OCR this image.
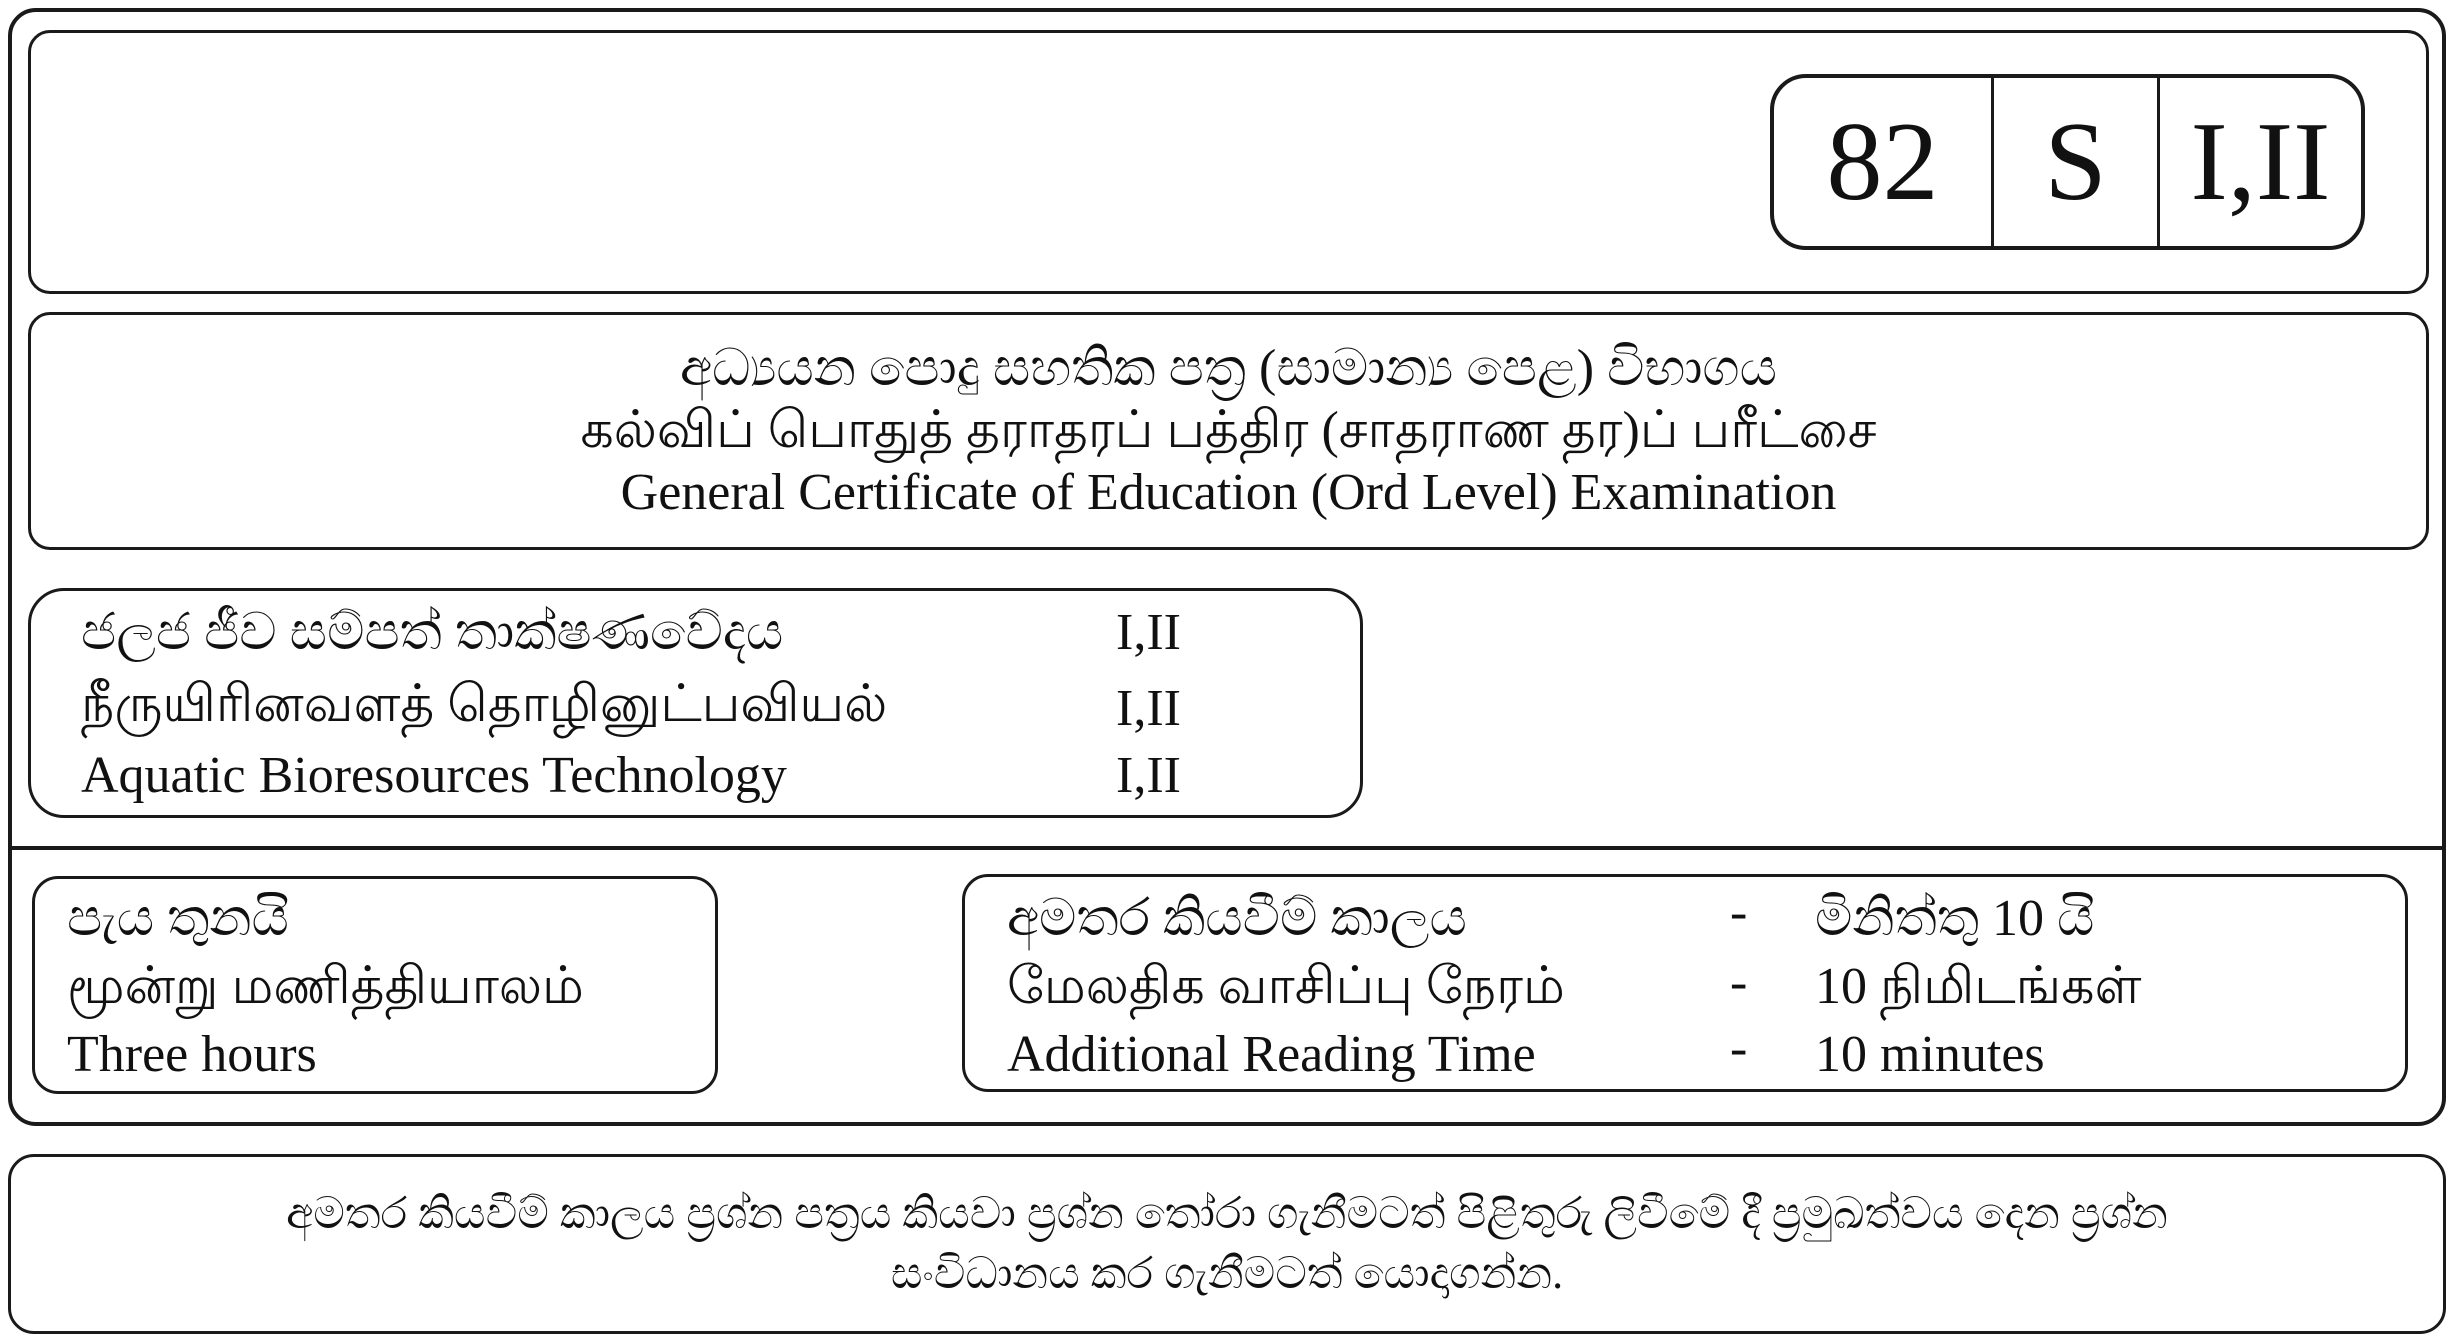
82 S I,II
අධ්‍යයන පොදු සහතික පත්‍ර (සාමාන්‍ය පෙළ) විභාගය
கல்விப் பொதுத் தராதரப் பத்திர (சாதராண தர)ப் பரீட்சை
General Certificate of Education (Ord Level) Examination
ජලජ ජීව සම්පත් තාක්ෂණවේදය	I,II
நீருயிரினவளத் தொழினுட்பவியல்	I,II
Aquatic Bioresources Technology	I,II
පැය තුනයි
மூன்று மணித்தியாலம்
Three hours
අමතර කියවීම් කාලය	- මිනිත්තු 10 යි
மேலதிக வாசிப்பு நேரம்	- 10 நிமிடங்கள்
Additional Reading Time	- 10 minutes
අමතර කියවීම් කාලය ප්‍රශ්න පත්‍රය කියවා ප්‍රශ්න තෝරා ගැනීමටත් පිළිතුරු ලිවීමේ දී ප්‍රමුඛත්වය දෙන ප්‍රශ්න
සංවිධානය කර ගැනීමටත් යොදාගන්න.
